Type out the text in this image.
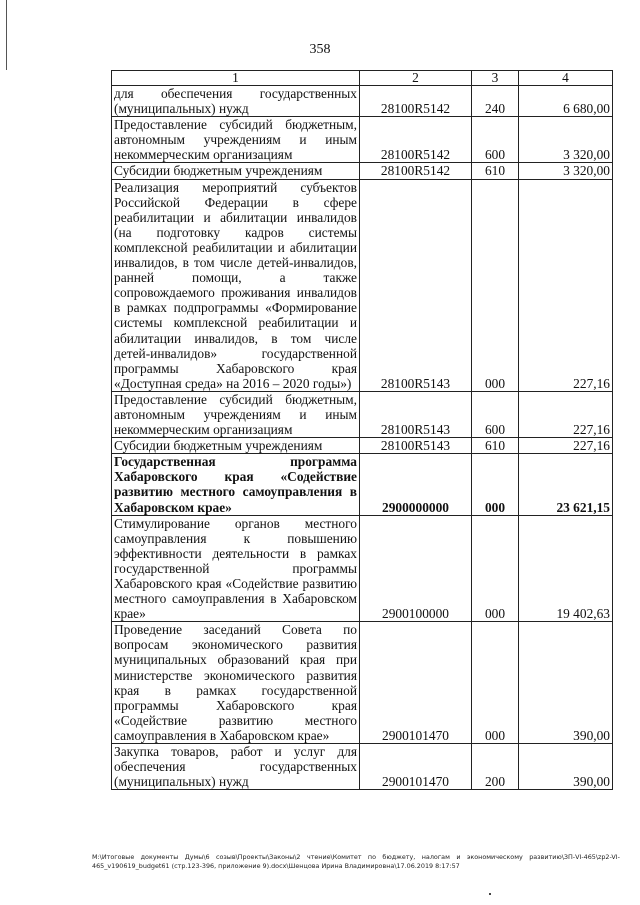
358
1	2	3	4
для обеспечения государственных (муниципальных) нужд	28100R5142	240	6 680,00
Предоставление субсидий бюджетным, автономным учреждениям и иным некоммерческим организациям	28100R5142	600	3 320,00
Субсидии бюджетным учреждениям	28100R5142	610	3 320,00
Реализация мероприятий субъектов Российской Федерации в сфере реабилитации и абилитации инвалидов (на подготовку кадров системы комплексной реабилитации и абилитации инвалидов, в том числе детей-инвалидов, ранней помощи, а также сопровождаемого проживания инвалидов в рамках подпрограммы «Формирование системы комплексной реабилитации и абилитации инвалидов, в том числе детей-инвалидов» государственной программы Хабаровского края «Доступная среда» на 2016 – 2020 годы»)	28100R5143	000	227,16
Предоставление субсидий бюджетным, автономным учреждениям и иным некоммерческим организациям	28100R5143	600	227,16
Субсидии бюджетным учреждениям	28100R5143	610	227,16
Государственная программа Хабаровского края «Содействие развитию местного самоуправления в Хабаровском крае»	2900000000	000	23 621,15
Стимулирование органов местного самоуправления к повышению эффективности деятельности в рамках государственной программы Хабаровского края «Содействие развитию местного самоуправления в Хабаровском крае»	2900100000	000	19 402,63
Проведение заседаний Совета по вопросам экономического развития муниципальных образований края при министерстве экономического развития края в рамках государственной программы Хабаровского края «Содействие развитию местного самоуправления в Хабаровском крае»	2900101470	000	390,00
Закупка товаров, работ и услуг для обеспечения государственных (муниципальных) нужд	2900101470	200	390,00
M:\Итоговые документы Думы\6 созыв\Проекты\Законы\2 чтение\Комитет по бюджету, налогам и экономическому развитию\ЗП-VI-465\zp2-VI-465_v190619_budget61 (стр.123-396, приложение 9).docx\Шенцова Ирина Владимировна\17.06.2019 8:17:57
